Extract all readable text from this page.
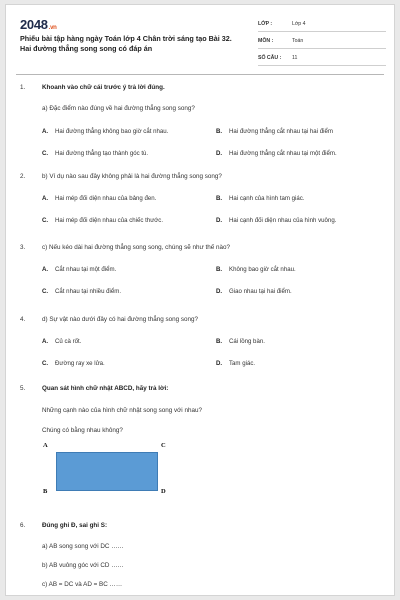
2048.vn
Phiếu bài tập hàng ngày Toán lớp 4 Chân trời sáng tạo Bài 32. Hai đường thẳng song song có đáp án
LỚP :	Lớp 4
MÔN :	Toán
SỐ CÂU : 11
1.	Khoanh vào chữ cái trước ý trả lời đúng.
a) Đặc điểm nào đúng về hai đường thẳng song song?
A. Hai đường thẳng không bao giờ cắt nhau.	B. Hai đường thẳng cắt nhau tại hai điểm
C. Hai đường thẳng tạo thành góc tù.	D. Hai đường thẳng cắt nhau tại một điểm.
2.	b) Ví dụ nào sau đây không phải là hai đường thẳng song song?
A. Hai mép đối diện nhau của bảng đen.	B. Hai cạnh của hình tam giác.
C. Hai mép đối diện nhau của chiếc thước.	D. Hai cạnh đối diện nhau của hình vuông.
3.	c) Nếu kéo dài hai đường thẳng song song, chúng sẽ như thế nào?
A. Cắt nhau tại một điểm.	B. Không bao giờ cắt nhau.
C. Cắt nhau tại nhiều điểm.	D. Giao nhau tại hai điểm.
4.	d) Sự vật nào dưới đây có hai đường thẳng song song?
A. Củ cà rốt.	B. Cái lồng bàn.
C. Đường ray xe lửa.	D. Tam giác.
5.	Quan sát hình chữ nhật ABCD, hãy trả lời:
Những cạnh nào của hình chữ nhật song song với nhau?
Chúng có bằng nhau không?
A	C
B	D
6.	Đúng ghi Đ, sai ghi S:
a) AB song song với DC ……
b) AB vuông góc với CD ……
c) AB = DC và AD = BC ……
